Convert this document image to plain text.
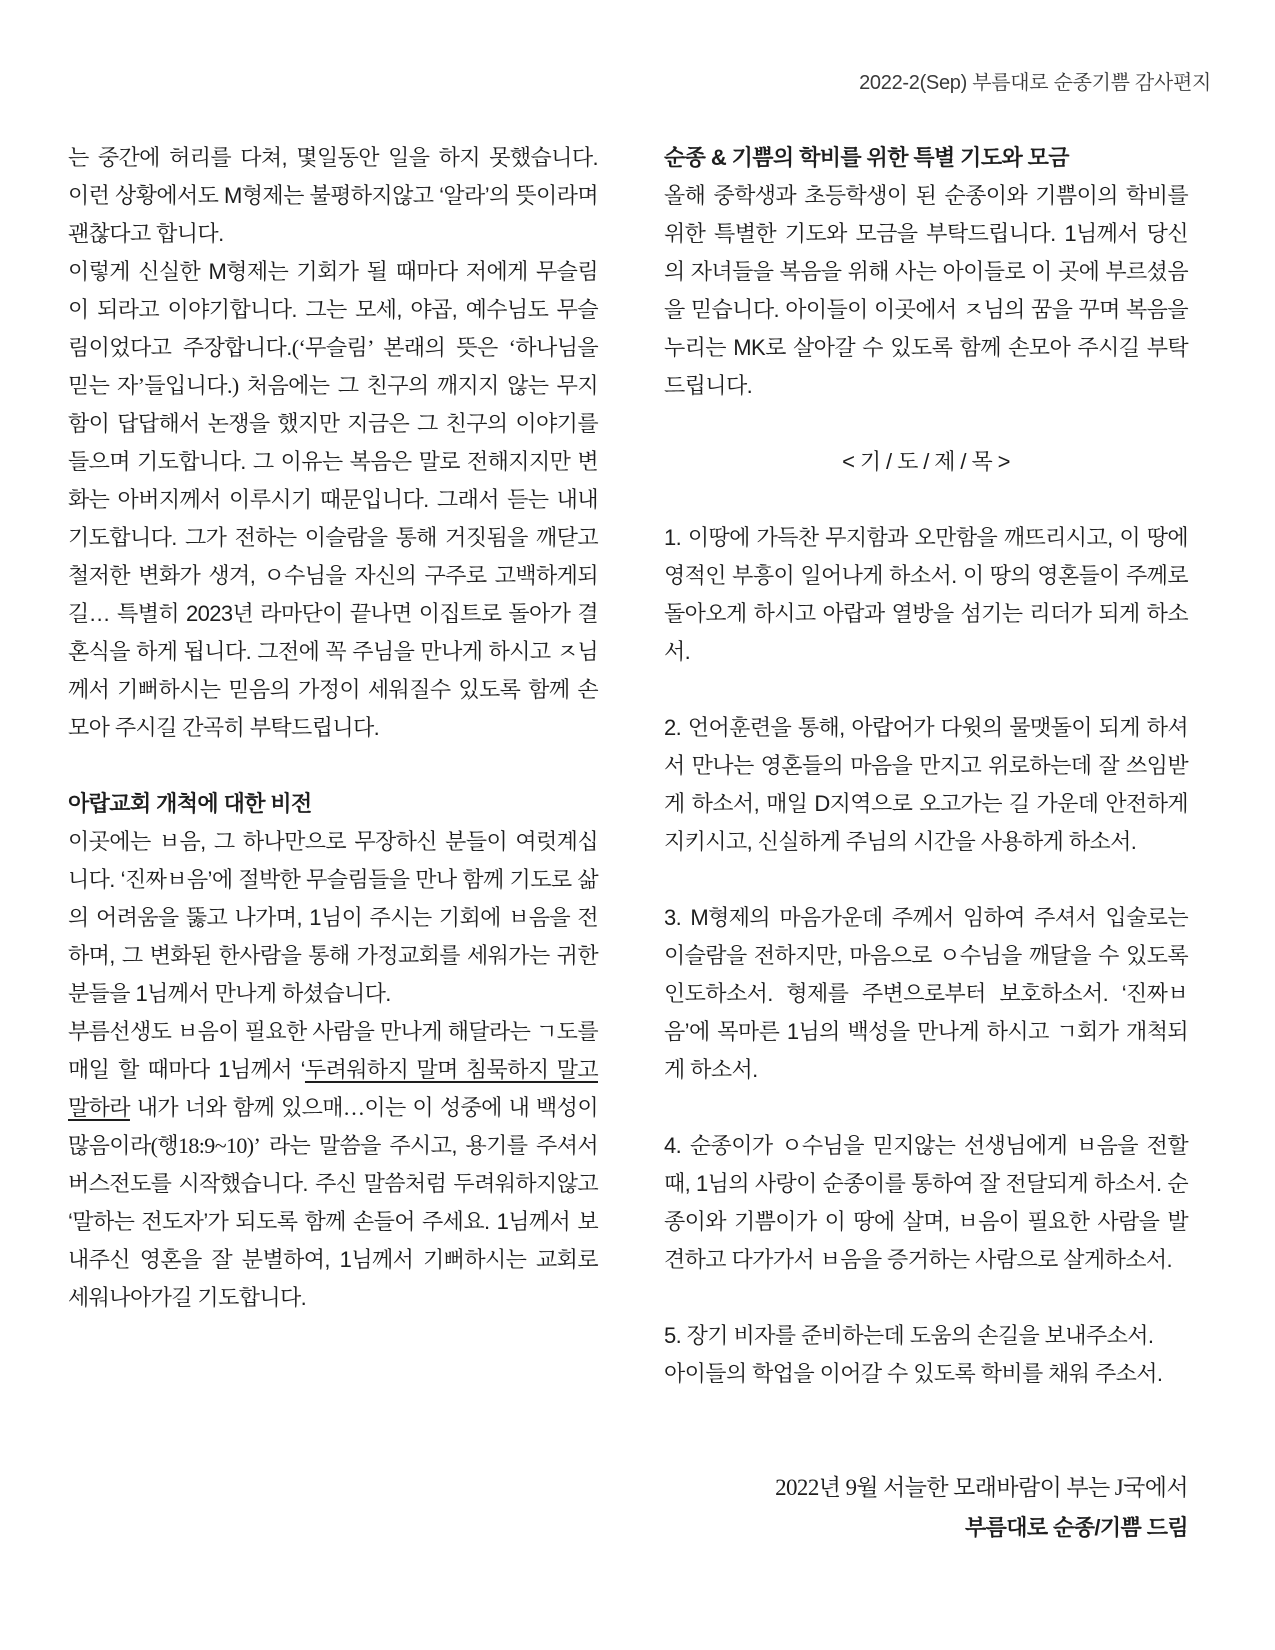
2022-2(Sep) 부름대로 순종기쁨 감사편지

는 중간에 허리를 다쳐, 몇일동안 일을 하지 못했습니다. 이런 상황에서도 M형제는 불평하지않고 ‘알라’의 뜻이라며 괜찮다고 합니다.

이렇게 신실한 M형제는 기회가 될 때마다 저에게 무슬림이 되라고 이야기합니다. 그는 모세, 야곱, 예수님도 무슬림이었다고 주장합니다.(‘무슬림’ 본래의 뜻은 ‘하나님을 믿는 자’들입니다.) 처음에는 그 친구의 깨지지 않는 무지함이 답답해서 논쟁을 했지만 지금은 그 친구의 이야기를 들으며 기도합니다. 그 이유는 복음은 말로 전해지지만 변화는 아버지께서 이루시기 때문입니다. 그래서 듣는 내내 기도합니다. 그가 전하는 이슬람을 통해 거짓됨을 깨닫고 철저한 변화가 생겨, ㅇ수님을 자신의 구주로 고백하게되길… 특별히 2023년 라마단이 끝나면 이집트로 돌아가 결혼식을 하게 됩니다. 그전에 꼭 주님을 만나게 하시고 ㅈ님께서 기뻐하시는 믿음의 가정이 세워질수 있도록 함께 손모아 주시길 간곡히 부탁드립니다.

아랍교회 개척에 대한 비전

이곳에는 ㅂ음, 그 하나만으로 무장하신 분들이 여럿계십니다. ‘진짜ㅂ음’에 절박한 무슬림들을 만나 함께 기도로 삶의 어려움을 뚫고 나가며, 1님이 주시는 기회에 ㅂ음을 전하며, 그 변화된 한사람을 통해 가정교회를 세워가는 귀한 분들을 1님께서 만나게 하셨습니다.

부름선생도 ㅂ음이 필요한 사람을 만나게 해달라는 ㄱ도를 매일 할 때마다 1님께서 ‘두려워하지 말며 침묵하지 말고 말하라 내가 너와 함께 있으매…이는 이 성중에 내 백성이 많음이라(행18:9~10)’ 라는 말씀을 주시고, 용기를 주셔서 버스전도를 시작했습니다. 주신 말씀처럼 두려워하지않고 ‘말하는 전도자’가 되도록 함께 손들어 주세요. 1님께서 보내주신 영혼을 잘 분별하여, 1님께서 기뻐하시는 교회로 세워나아가길 기도합니다.

순종 & 기쁨의 학비를 위한 특별 기도와 모금

올해 중학생과 초등학생이 된 순종이와 기쁨이의 학비를 위한 특별한 기도와 모금을 부탁드립니다. 1님께서 당신의 자녀들을 복음을 위해 사는 아이들로 이 곳에 부르셨음을 믿습니다. 아이들이 이곳에서 ㅈ님의 꿈을 꾸며 복음을 누리는 MK로 살아갈 수 있도록 함께 손모아 주시길 부탁드립니다.

< 기 / 도 / 제 / 목 >

1. 이땅에 가득찬 무지함과 오만함을 깨뜨리시고, 이 땅에 영적인 부흥이 일어나게 하소서. 이 땅의 영혼들이 주께로 돌아오게 하시고 아랍과 열방을 섬기는 리더가 되게 하소서.

2. 언어훈련을 통해, 아랍어가 다윗의 물맷돌이 되게 하셔서 만나는 영혼들의 마음을 만지고 위로하는데 잘 쓰임받게 하소서, 매일 D지역으로 오고가는 길 가운데 안전하게 지키시고, 신실하게 주님의 시간을 사용하게 하소서.

3. M형제의 마음가운데 주께서 임하여 주셔서 입술로는 이슬람을 전하지만, 마음으로 ㅇ수님을 깨달을 수 있도록 인도하소서. 형제를 주변으로부터 보호하소서. ‘진짜ㅂ음’에 목마른 1님의 백성을 만나게 하시고 ㄱ회가 개척되게 하소서.

4. 순종이가 ㅇ수님을 믿지않는 선생님에게 ㅂ음을 전할 때, 1님의 사랑이 순종이를 통하여 잘 전달되게 하소서. 순종이와 기쁨이가 이 땅에 살며, ㅂ음이 필요한 사람을 발견하고 다가가서 ㅂ음을 증거하는 사람으로 살게하소서.

5. 장기 비자를 준비하는데 도움의 손길을 보내주소서.
아이들의 학업을 이어갈 수 있도록 학비를 채워 주소서.

2022년 9월 서늘한 모래바람이 부는 J국에서

부름대로 순종/기쁨 드림
